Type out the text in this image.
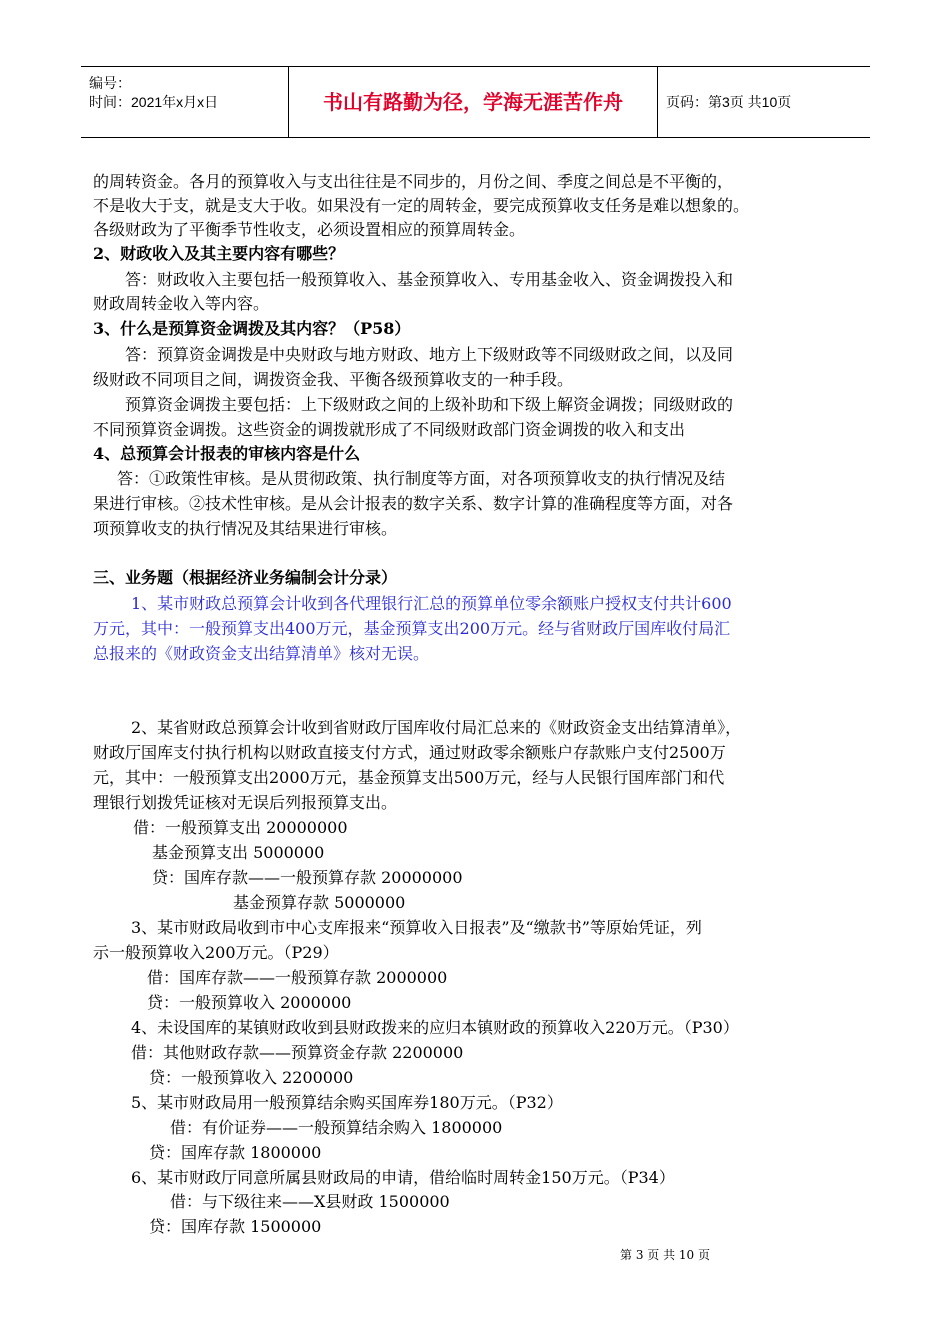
编号：
时间：2021年x月x日	书山有路勤为径，学海无涯苦作舟	页码：第3页 共10页
的周转资金。各月的预算收入与支出往往是不同步的，月份之间、季度之间总是不平衡的，
不是收大于支，就是支大于收。如果没有一定的周转金，要完成预算收支任务是难以想象的。
各级财政为了平衡季节性收支，必须设置相应的预算周转金。
2、财政收入及其主要内容有哪些？
答：财政收入主要包括一般预算收入、基金预算收入、专用基金收入、资金调拨投入和
财政周转金收入等内容。
3、什么是预算资金调拨及其内容？（P58）
答：预算资金调拨是中央财政与地方财政、地方上下级财政等不同级财政之间，以及同
级财政不同项目之间，调拨资金我、平衡各级预算收支的一种手段。
预算资金调拨主要包括：上下级财政之间的上级补助和下级上解资金调拨；同级财政的
不同预算资金调拨。这些资金的调拨就形成了不同级财政部门资金调拨的收入和支出
4、总预算会计报表的审核内容是什么
答：①政策性审核。是从贯彻政策、执行制度等方面，对各项预算收支的执行情况及结
果进行审核。②技术性审核。是从会计报表的数字关系、数字计算的准确程度等方面，对各
项预算收支的执行情况及其结果进行审核。
三、业务题（根据经济业务编制会计分录）
1、某市财政总预算会计收到各代理银行汇总的预算单位零余额账户授权支付共计600
万元，其中：一般预算支出400万元，基金预算支出200万元。经与省财政厅国库收付局汇
总报来的《财政资金支出结算清单》核对无误。
2、某省财政总预算会计收到省财政厅国库收付局汇总来的《财政资金支出结算清单》，
财政厅国库支付执行机构以财政直接支付方式，通过财政零余额账户存款账户支付2500万
元，其中：一般预算支出2000万元，基金预算支出500万元，经与人民银行国库部门和代
理银行划拨凭证核对无误后列报预算支出。
借：一般预算支出 20000000
基金预算支出 5000000
贷：国库存款——一般预算存款 20000000
基金预算存款 5000000
3、某市财政局收到市中心支库报来“预算收入日报表”及“缴款书”等原始凭证，列
示一般预算收入200万元。（P29）
借：国库存款——一般预算存款 2000000
贷：一般预算收入 2000000
4、未设国库的某镇财政收到县财政拨来的应归本镇财政的预算收入220万元。（P30）
借：其他财政存款——预算资金存款 2200000
贷：一般预算收入 2200000
5、某市财政局用一般预算结余购买国库券180万元。（P32）
借：有价证券——一般预算结余购入 1800000
贷：国库存款 1800000
6、某市财政厅同意所属县财政局的申请，借给临时周转金150万元。（P34）
借：与下级往来——X县财政 1500000
贷：国库存款 1500000
第 3 页 共 10 页
